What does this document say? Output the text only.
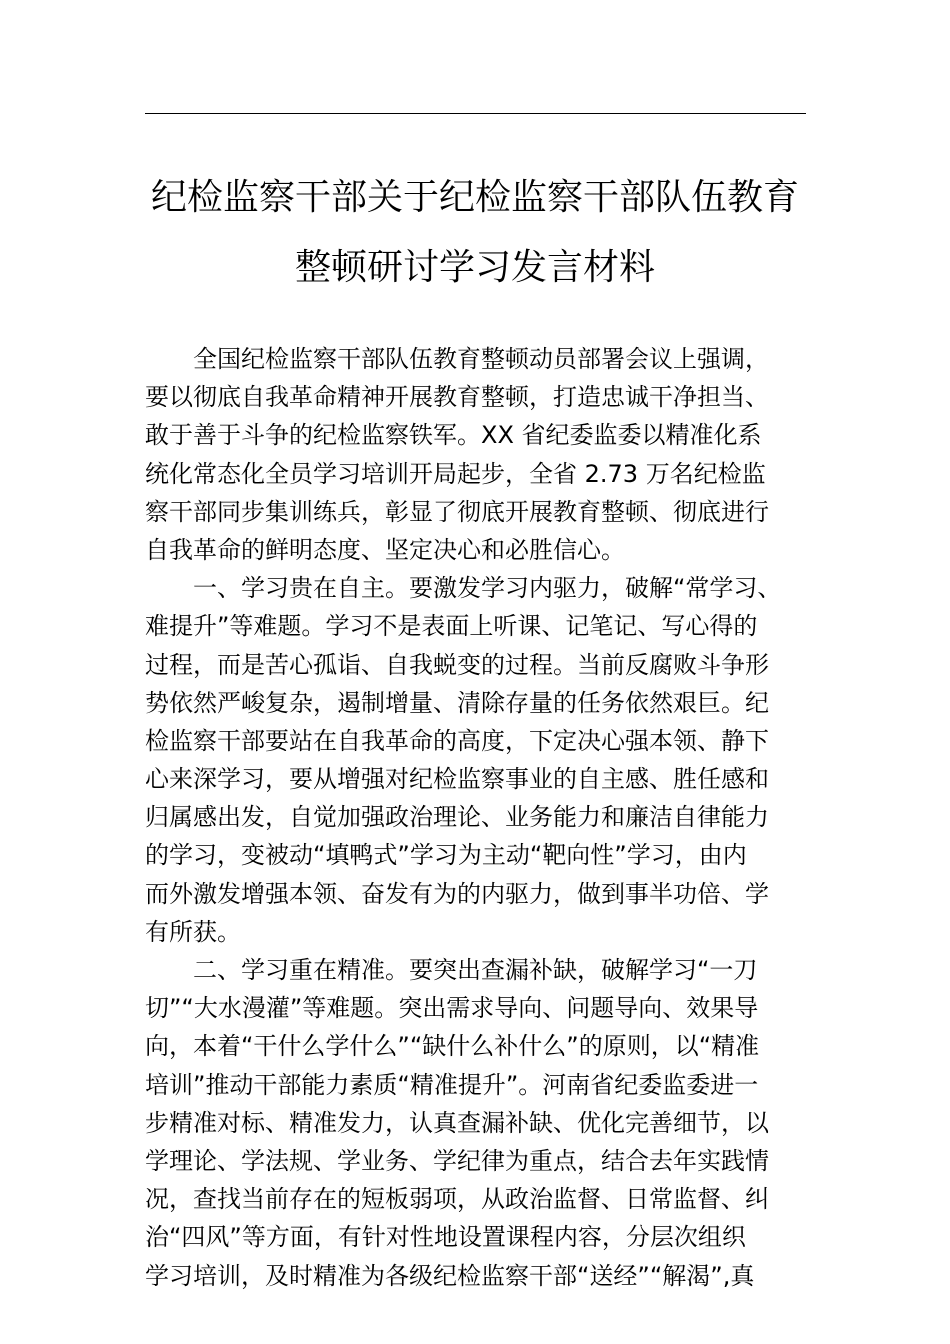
纪检监察干部关于纪检监察干部队伍教育
整顿研讨学习发言材料

全国纪检监察干部队伍教育整顿动员部署会议上强调，

要以彻底自我革命精神开展教育整顿，打造忠诚干净担当、

敢于善于斗争的纪检监察铁军。XX 省纪委监委以精准化系

统化常态化全员学习培训开局起步，全省 2.73 万名纪检监

察干部同步集训练兵，彰显了彻底开展教育整顿、彻底进行

自我革命的鲜明态度、坚定决心和必胜信心。

一、学习贵在自主。要激发学习内驱力，破解“常学习、

难提升”等难题。学习不是表面上听课、记笔记、写心得的

过程，而是苦心孤诣、自我蜕变的过程。当前反腐败斗争形

势依然严峻复杂，遏制增量、清除存量的任务依然艰巨。纪

检监察干部要站在自我革命的高度，下定决心强本领、静下

心来深学习，要从增强对纪检监察事业的自主感、胜任感和

归属感出发，自觉加强政治理论、业务能力和廉洁自律能力

的学习，变被动“填鸭式”学习为主动“靶向性”学习，由内

而外激发增强本领、奋发有为的内驱力，做到事半功倍、学

有所获。

二、学习重在精准。要突出查漏补缺，破解学习“一刀

切”“大水漫灌”等难题。突出需求导向、问题导向、效果导

向，本着“干什么学什么”“缺什么补什么”的原则，以“精准

培训”推动干部能力素质“精准提升”。河南省纪委监委进一

步精准对标、精准发力，认真查漏补缺、优化完善细节，以

学理论、学法规、学业务、学纪律为重点，结合去年实践情

况，查找当前存在的短板弱项，从政治监督、日常监督、纠

治“四风”等方面，有针对性地设置课程内容，分层次组织

学习培训，及时精准为各级纪检监察干部“送经”“解渴”,真
